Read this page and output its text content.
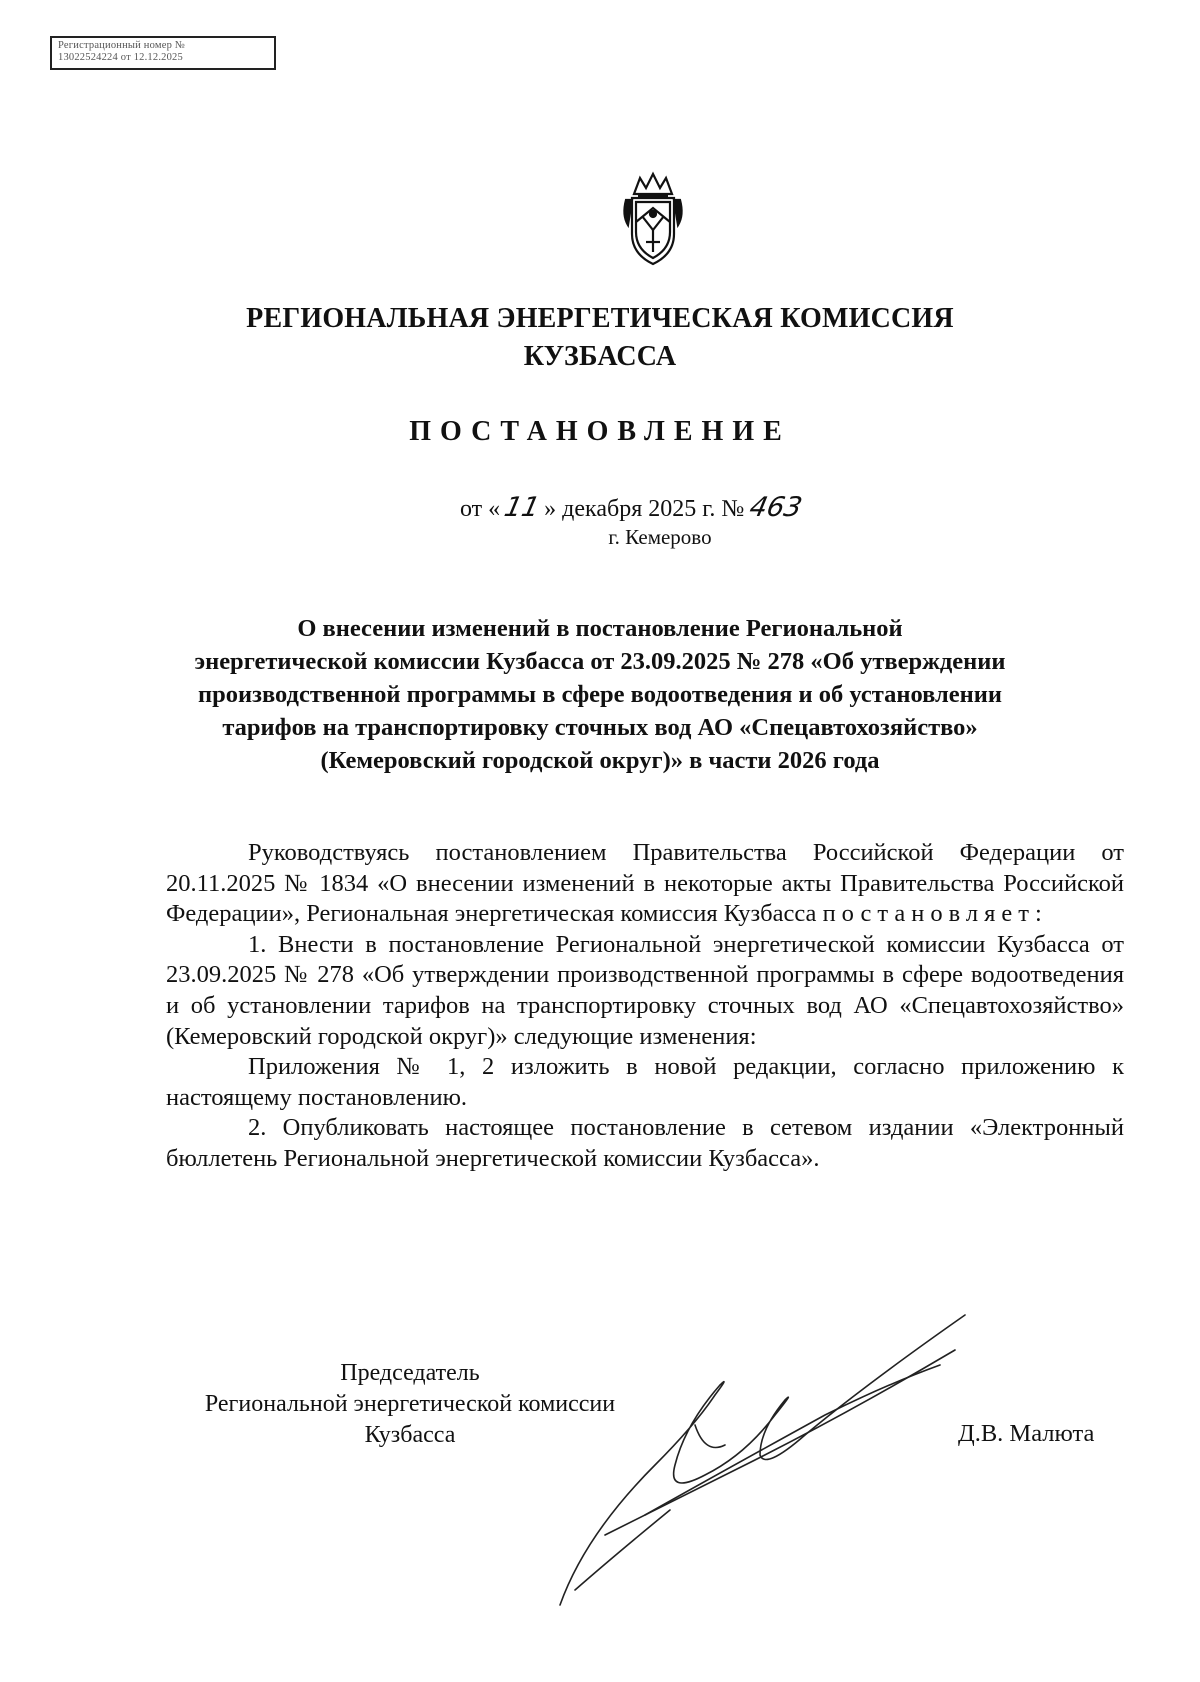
Регистрационный номер №
13022524224 от 12.12.2025
РЕГИОНАЛЬНАЯ ЭНЕРГЕТИЧЕСКАЯ КОМИССИЯ
КУЗБАССА
ПОСТАНОВЛЕНИЕ
от «11» декабря 2025 г. № 463
г. Кемерово
О внесении изменений в постановление Региональной
энергетической комиссии Кузбасса от 23.09.2025 № 278 «Об утверждении
производственной программы в сфере водоотведения и об установлении
тарифов на транспортировку сточных вод АО «Спецавтохозяйство»
(Кемеровский городской округ)» в части 2026 года

Руководствуясь постановлением Правительства Российской Федерации от 20.11.2025 № 1834 «О внесении изменений в некоторые акты Правительства Российской Федерации», Региональная энергетическая комиссия Кузбасса постановляет:

1. Внести в постановление Региональной энергетической комиссии Кузбасса от 23.09.2025 № 278 «Об утверждении производственной программы в сфере водоотведения и об установлении тарифов на транспортировку сточных вод АО «Спецавтохозяйство» (Кемеровский городской округ)» следующие изменения:

Приложения № 1, 2 изложить в новой редакции, согласно приложению к настоящему постановлению.

2. Опубликовать настоящее постановление в сетевом издании «Электронный бюллетень Региональной энергетической комиссии Кузбасса».

Председатель
Региональной энергетической комиссии
Кузбасса	Д.В. Малюта
